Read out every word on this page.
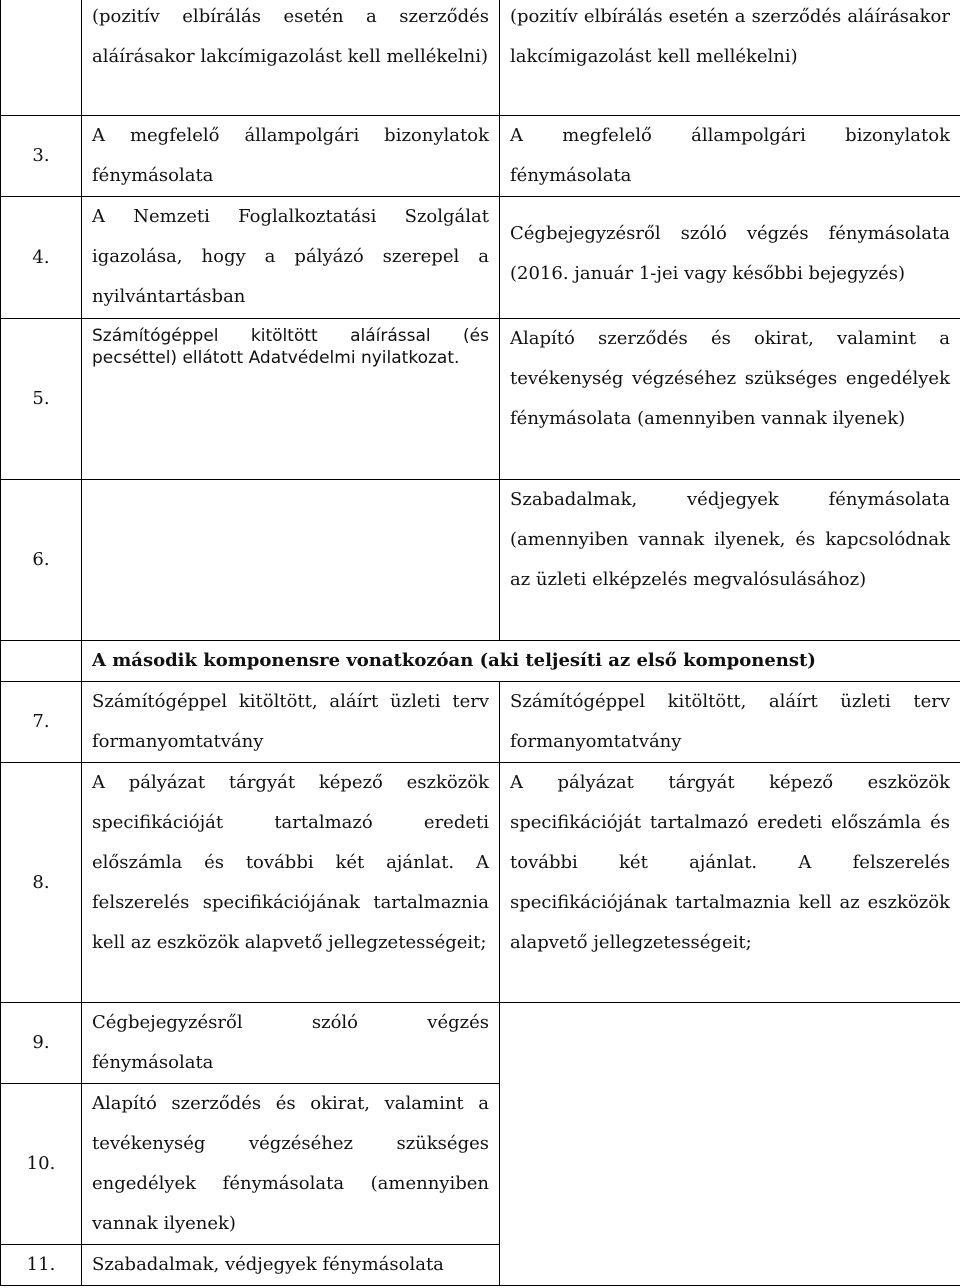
	(pozitív elbírálás esetén a szerződés aláírásakor lakcímigazolást kell mellékelni)	(pozitív elbírálás esetén a szerződés aláírásakor lakcímigazolást kell mellékelni)
3.	A megfelelő állampolgári bizonylatok fénymásolata	A megfelelő állampolgári bizonylatok fénymásolata
4.	A Nemzeti Foglalkoztatási Szolgálat igazolása, hogy a pályázó szerepel a nyilvántartásban	Cégbejegyzésről szóló végzés fénymásolata (2016. január 1-jei vagy későbbi bejegyzés)
5.	Számítógéppel kitöltött aláírással (és pecséttel) ellátott Adatvédelmi nyilatkozat.	Alapító szerződés és okirat, valamint a tevékenység végzéséhez szükséges engedélyek fénymásolata (amennyiben vannak ilyenek)
6.		Szabadalmak, védjegyek fénymásolata (amennyiben vannak ilyenek, és kapcsolódnak az üzleti elképzelés megvalósulásához)
	A második komponensre vonatkozóan (aki teljesíti az első komponenst)	
7.	Számítógéppel kitöltött, aláírt üzleti terv formanyomtatvány	Számítógéppel kitöltött, aláírt üzleti terv formanyomtatvány
8.	A pályázat tárgyát képező eszközök specifikációját tartalmazó eredeti előszámla és további két ajánlat. A felszerelés specifikációjának tartalmaznia kell az eszközök alapvető jellegzetességeit;	A pályázat tárgyát képező eszközök specifikációját tartalmazó eredeti előszámla és további két ajánlat. A felszerelés specifikációjának tartalmaznia kell az eszközök alapvető jellegzetességeit;
9.	Cégbejegyzésről szóló végzés fénymásolata	
10.	Alapító szerződés és okirat, valamint a tevékenység végzéséhez szükséges engedélyek fénymásolata (amennyiben vannak ilyenek)	
11.	Szabadalmak, védjegyek fénymásolata	
